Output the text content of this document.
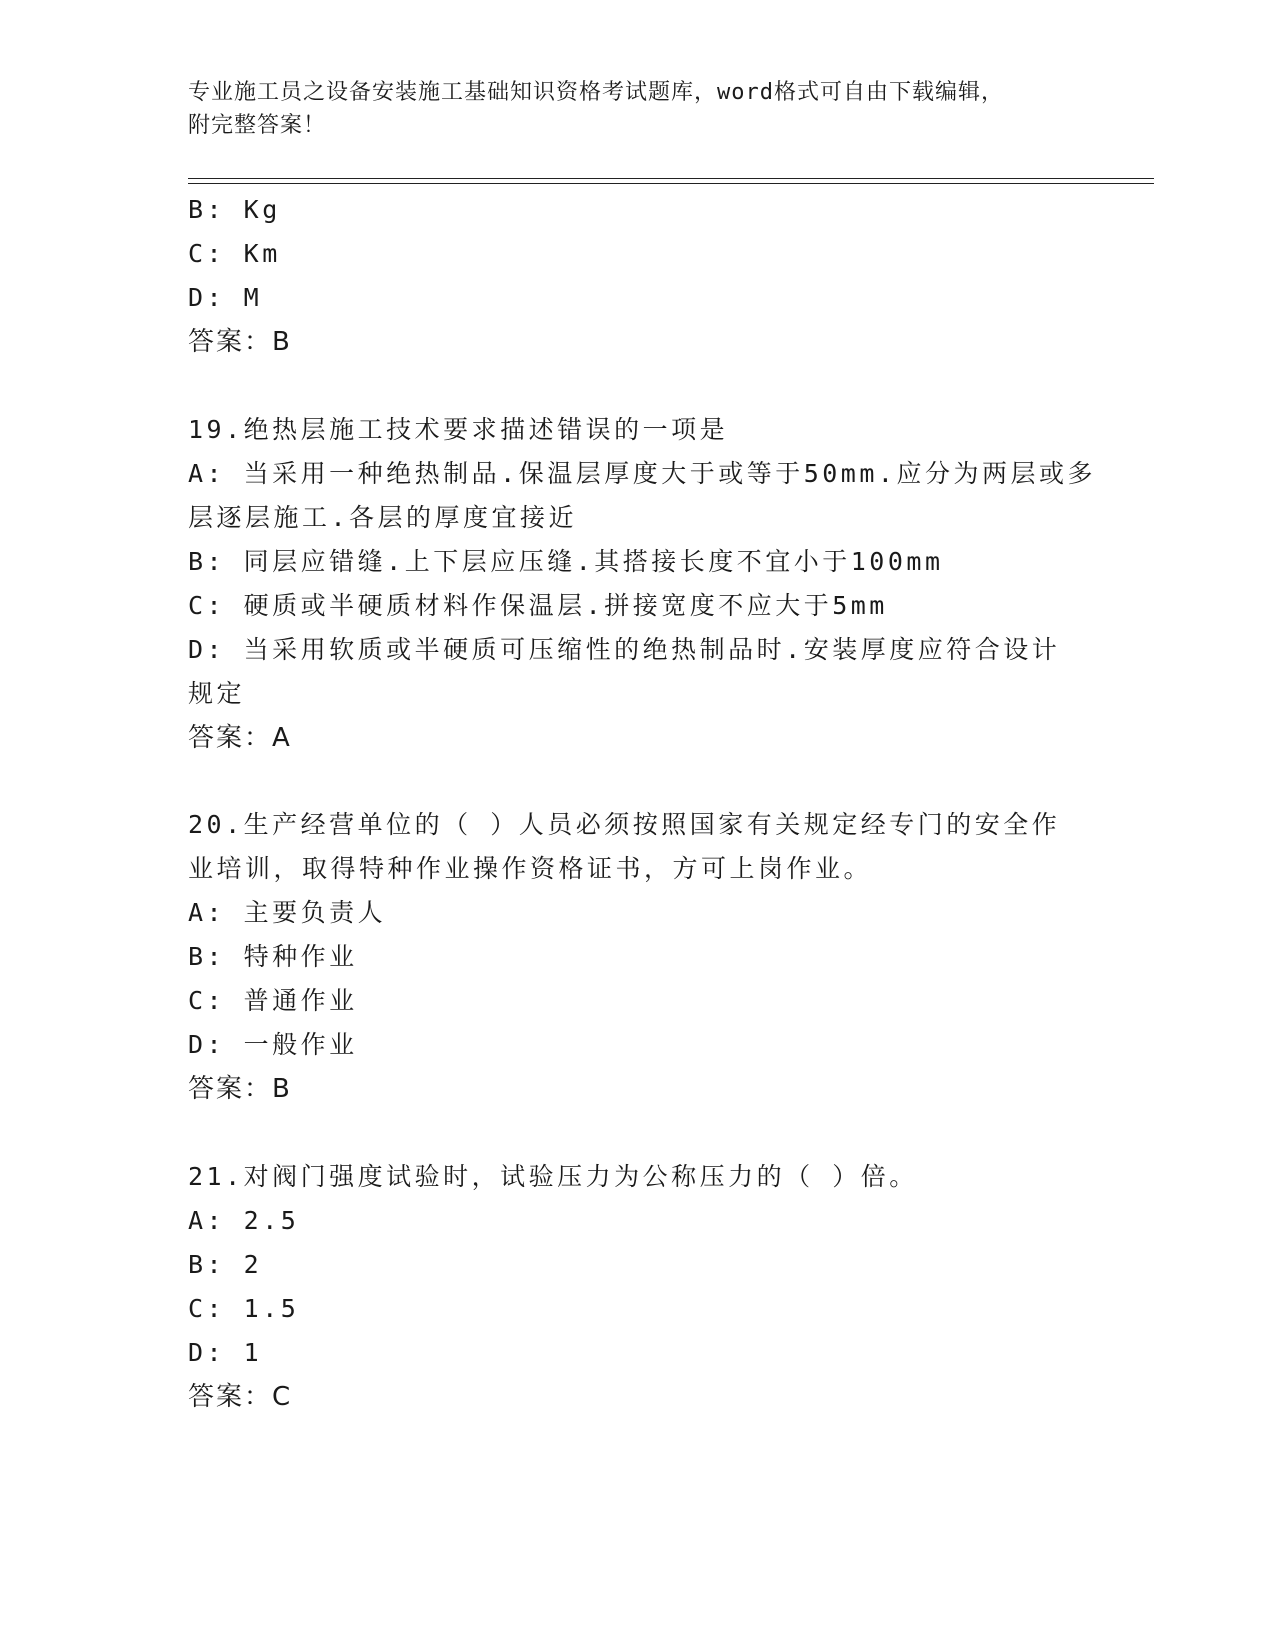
专业施工员之设备安装施工基础知识资格考试题库，word格式可自由下载编辑，
附完整答案！
B: Kg
C: Km
D: M
答案：B
19.绝热层施工技术要求描述错误的一项是
A: 当采用一种绝热制品.保温层厚度大于或等于50mm.应分为两层或多
层逐层施工.各层的厚度宜接近
B: 同层应错缝.上下层应压缝.其搭接长度不宜小于100mm
C: 硬质或半硬质材料作保温层.拼接宽度不应大于5mm
D: 当采用软质或半硬质可压缩性的绝热制品时.安装厚度应符合设计
规定
答案：A
20.生产经营单位的（ ）人员必须按照国家有关规定经专门的安全作
业培训，取得特种作业操作资格证书，方可上岗作业。
A: 主要负责人
B: 特种作业
C: 普通作业
D: 一般作业
答案：B
21.对阀门强度试验时，试验压力为公称压力的（ ）倍。
A: 2.5
B: 2
C: 1.5
D: 1
答案：C
